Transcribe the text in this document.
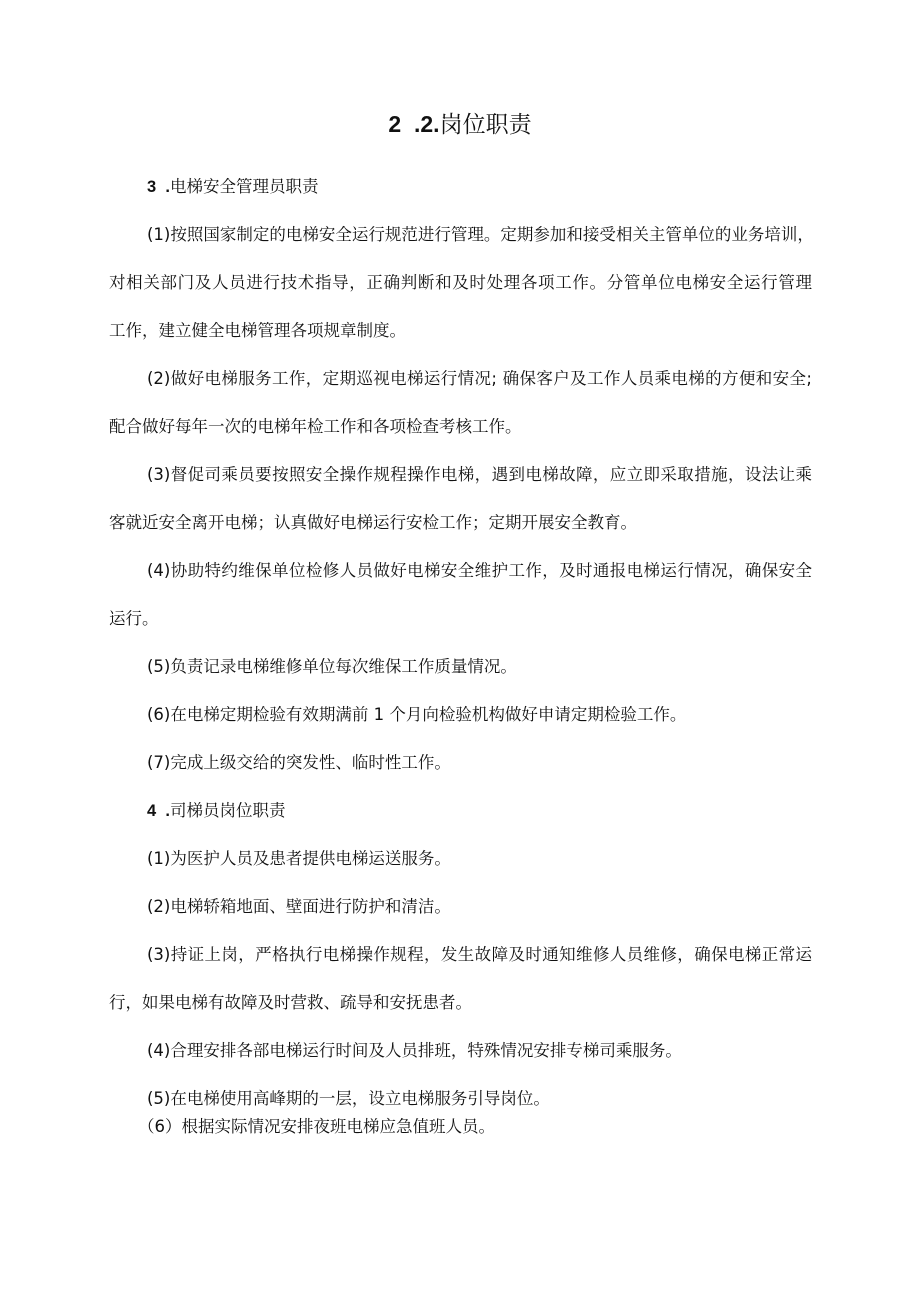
2  .2.岗位职责

3  .电梯安全管理员职责

(1)按照国家制定的电梯安全运行规范进行管理。定期参加和接受相关主管单位的业务培训，

对相关部门及人员进行技术指导，正确判断和及时处理各项工作。分管单位电梯安全运行管理

工作，建立健全电梯管理各项规章制度。

(2)做好电梯服务工作，定期巡视电梯运行情况; 确保客户及工作人员乘电梯的方便和安全;

配合做好每年一次的电梯年检工作和各项检查考核工作。

(3)督促司乘员要按照安全操作规程操作电梯，遇到电梯故障，应立即采取措施，设法让乘

客就近安全离开电梯；认真做好电梯运行安检工作；定期开展安全教育。

(4)协助特约维保单位检修人员做好电梯安全维护工作，及时通报电梯运行情况，确保安全

运行。

(5)负责记录电梯维修单位每次维保工作质量情况。

(6)在电梯定期检验有效期满前 1 个月向检验机构做好申请定期检验工作。

(7)完成上级交给的突发性、临时性工作。

4  .司梯员岗位职责

(1)为医护人员及患者提供电梯运送服务。

(2)电梯轿箱地面、壁面进行防护和清洁。

(3)持证上岗，严格执行电梯操作规程，发生故障及时通知维修人员维修，确保电梯正常运

行，如果电梯有故障及时营救、疏导和安抚患者。

(4)合理安排各部电梯运行时间及人员排班，特殊情况安排专梯司乘服务。

(5)在电梯使用高峰期的一层，设立电梯服务引导岗位。

（6）根据实际情况安排夜班电梯应急值班人员。
